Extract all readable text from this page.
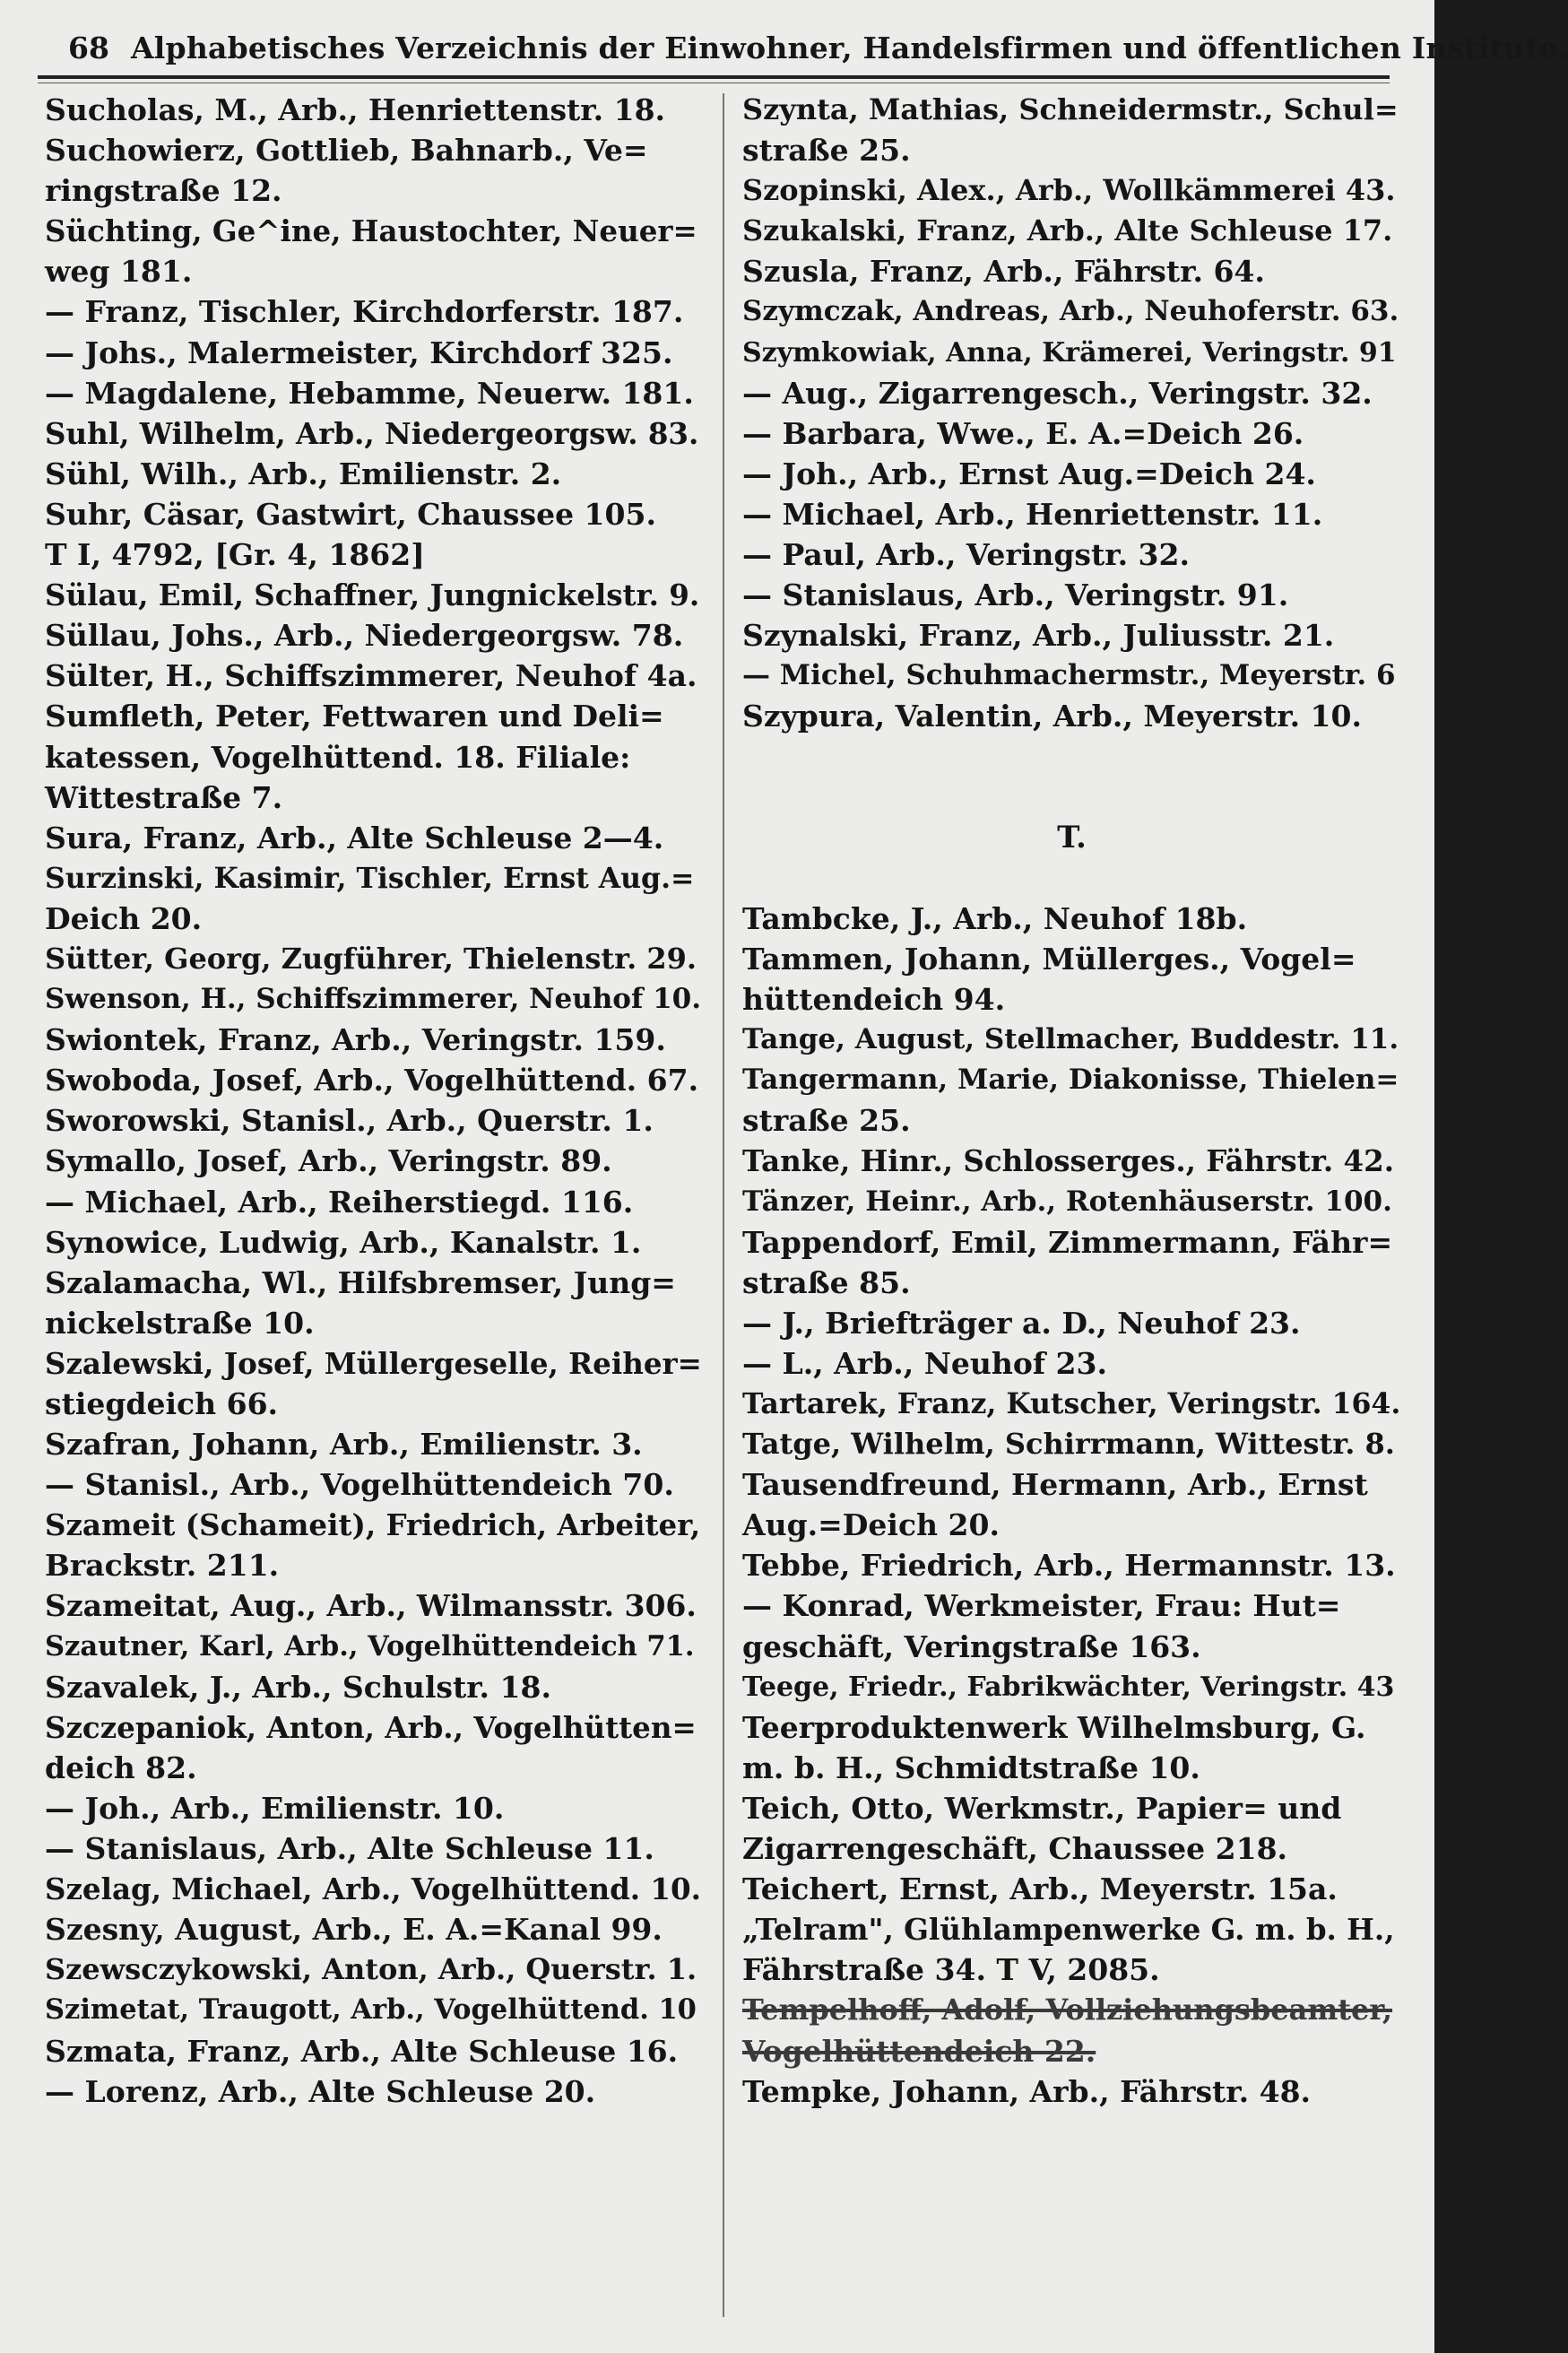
68 Alphabetisches Verzeichnis der Einwohner, Handelsfirmen und öffentlichen Institute.
Sucholas, M., Arb., Henriettenstr. 18.
Suchowierz, Gottlieb, Bahnarb., Ve=
ringstraße 12.
Süchting, Ge^ine, Haustochter, Neuer=
weg 181.
— Franz, Tischler, Kirchdorferstr. 187.
— Johs., Malermeister, Kirchdorf 325.
— Magdalene, Hebamme, Neuerw. 181.
Suhl, Wilhelm, Arb., Niedergeorgsw. 83.
Sühl, Wilh., Arb., Emilienstr. 2.
Suhr, Cäsar, Gastwirt, Chaussee 105.
T I, 4792, [Gr. 4, 1862]
Sülau, Emil, Schaffner, Jungnickelstr. 9.
Süllau, Johs., Arb., Niedergeorgsw. 78.
Sülter, H., Schiffszimmerer, Neuhof 4a.
Sumfleth, Peter, Fettwaren und Deli=
katessen, Vogelhüttend. 18. Filiale:
Wittestraße 7.
Sura, Franz, Arb., Alte Schleuse 2—4.
Surzinski, Kasimir, Tischler, Ernst Aug.=
Deich 20.
Sütter, Georg, Zugführer, Thielenstr. 29.
Swenson, H., Schiffszimmerer, Neuhof 10.
Swiontek, Franz, Arb., Veringstr. 159.
Swoboda, Josef, Arb., Vogelhüttend. 67.
Sworowski, Stanisl., Arb., Querstr. 1.
Symallo, Josef, Arb., Veringstr. 89.
— Michael, Arb., Reiherstiegd. 116.
Synowice, Ludwig, Arb., Kanalstr. 1.
Szalamacha, Wl., Hilfsbremser, Jung=
nickelstraße 10.
Szalewski, Josef, Müllergeselle, Reiher=
stiegdeich 66.
Szafran, Johann, Arb., Emilienstr. 3.
— Stanisl., Arb., Vogelhüttendeich 70.
Szameit (Schameit), Friedrich, Arbeiter,
Brackstr. 211.
Szameitat, Aug., Arb., Wilmansstr. 306.
Szautner, Karl, Arb., Vogelhüttendeich 71.
Szavalek, J., Arb., Schulstr. 18.
Szczepaniok, Anton, Arb., Vogelhütten=
deich 82.
— Joh., Arb., Emilienstr. 10.
— Stanislaus, Arb., Alte Schleuse 11.
Szelag, Michael, Arb., Vogelhüttend. 10.
Szesny, August, Arb., E. A.=Kanal 99.
Szewsczykowski, Anton, Arb., Querstr. 1.
Szimetat, Traugott, Arb., Vogelhüttend. 10
Szmata, Franz, Arb., Alte Schleuse 16.
— Lorenz, Arb., Alte Schleuse 20.
Szynta, Mathias, Schneidermstr., Schul=
straße 25.
Szopinski, Alex., Arb., Wollkämmerei 43.
Szukalski, Franz, Arb., Alte Schleuse 17.
Szusla, Franz, Arb., Fährstr. 64.
Szymczak, Andreas, Arb., Neuhoferstr. 63.
Szymkowiak, Anna, Krämerei, Veringstr. 91
— Aug., Zigarrengesch., Veringstr. 32.
— Barbara, Wwe., E. A.=Deich 26.
— Joh., Arb., Ernst Aug.=Deich 24.
— Michael, Arb., Henriettenstr. 11.
— Paul, Arb., Veringstr. 32.
— Stanislaus, Arb., Veringstr. 91.
Szynalski, Franz, Arb., Juliusstr. 21.
— Michel, Schuhmachermstr., Meyerstr. 6
Szypura, Valentin, Arb., Meyerstr. 10.
T.
Tambcke, J., Arb., Neuhof 18b.
Tammen, Johann, Müllerges., Vogel=
hüttendeich 94.
Tange, August, Stellmacher, Buddestr. 11.
Tangermann, Marie, Diakonisse, Thielen=
straße 25.
Tanke, Hinr., Schlosserges., Fährstr. 42.
Tänzer, Heinr., Arb., Rotenhäuserstr. 100.
Tappendorf, Emil, Zimmermann, Fähr=
straße 85.
— J., Briefträger a. D., Neuhof 23.
— L., Arb., Neuhof 23.
Tartarek, Franz, Kutscher, Veringstr. 164.
Tatge, Wilhelm, Schirrmann, Wittestr. 8.
Tausendfreund, Hermann, Arb., Ernst
Aug.=Deich 20.
Tebbe, Friedrich, Arb., Hermannstr. 13.
— Konrad, Werkmeister, Frau: Hut=
geschäft, Veringstraße 163.
Teege, Friedr., Fabrikwächter, Veringstr. 43
Teerproduktenwerk Wilhelmsburg, G.
m. b. H., Schmidtstraße 10.
Teich, Otto, Werkmstr., Papier= und
Zigarrengeschäft, Chaussee 218.
Teichert, Ernst, Arb., Meyerstr. 15a.
„Telram", Glühlampenwerke G. m. b. H.,
Fährstraße 34. T V, 2085.
Tempelhoff, Adolf, Vollziehungsbeamter,
Vogelhüttendeich 22.
Tempke, Johann, Arb., Fährstr. 48.
